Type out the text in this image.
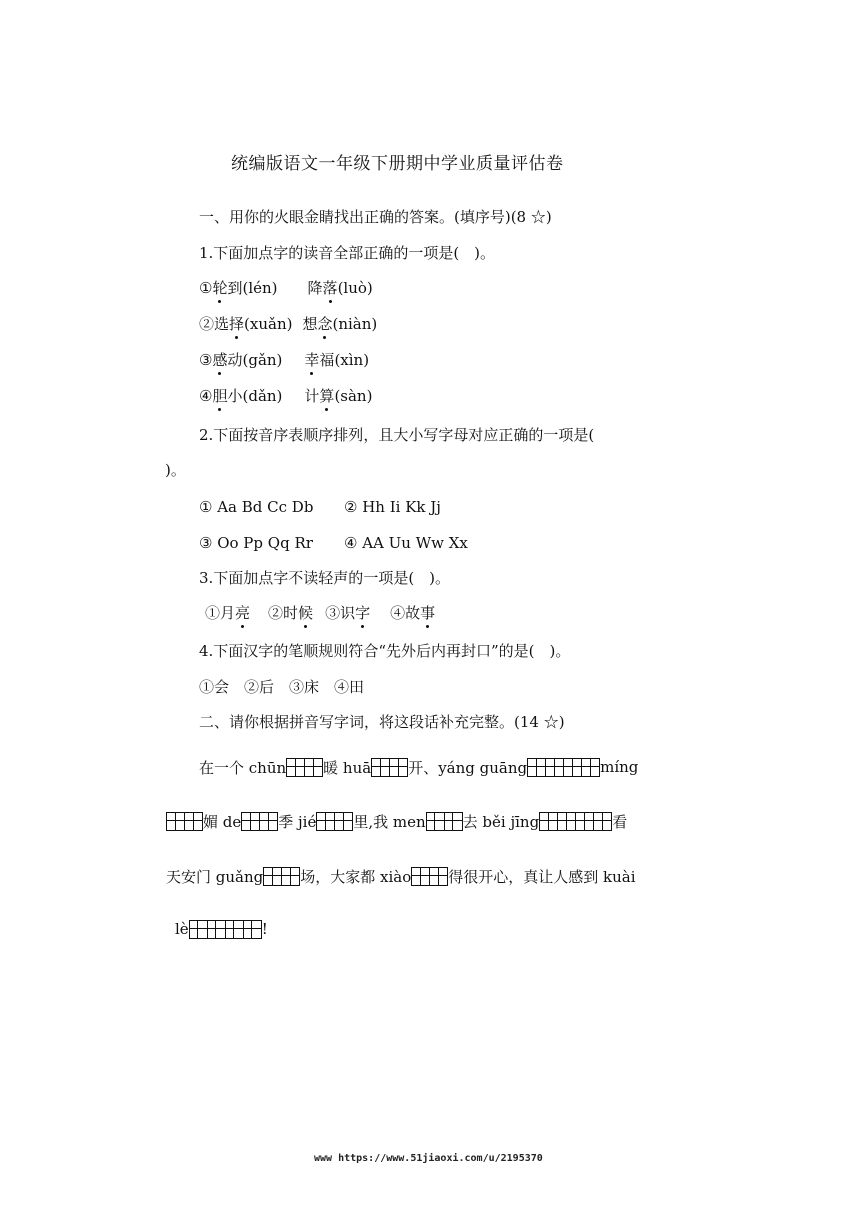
统编版语文一年级下册期中学业质量评估卷
一、用你的火眼金睛找出正确的答案。(填序号)(8 ☆)
1.下面加点字的读音全部正确的一项是(　)。
①轮到(lén) 降落(luò)
②选择(xuǎn) 想念(niàn)
③感动(gǎn) 幸福(xìn)
④胆小(dǎn) 计算(sàn)
2.下面按音序表顺序排列，且大小写字母对应正确的一项是(
)。
① Aa Bd Cc Db ② Hh Ii Kk Jj
③ Oo Pp Qq Rr ④ AA Uu Ww Xx
3.下面加点字不读轻声的一项是(　)。
①月亮 ②时候 ③识字 ④故事
4.下面汉字的笔顺规则符合“先外后内再封口”的是(　)。
①会　②后　③床　④田
二、请你根据拼音写字词，将这段话补充完整。(14 ☆)
在一个 chūn 暖 huā 开、yáng guāng	míng
媚 de 季 jié 里,我 men 去 běi jīng	看
天安门 guǎng 场，大家都 xiào 得很开心，真让人感到 kuài
lè	!
www https://www.51jiaoxi.com/u/2195370
